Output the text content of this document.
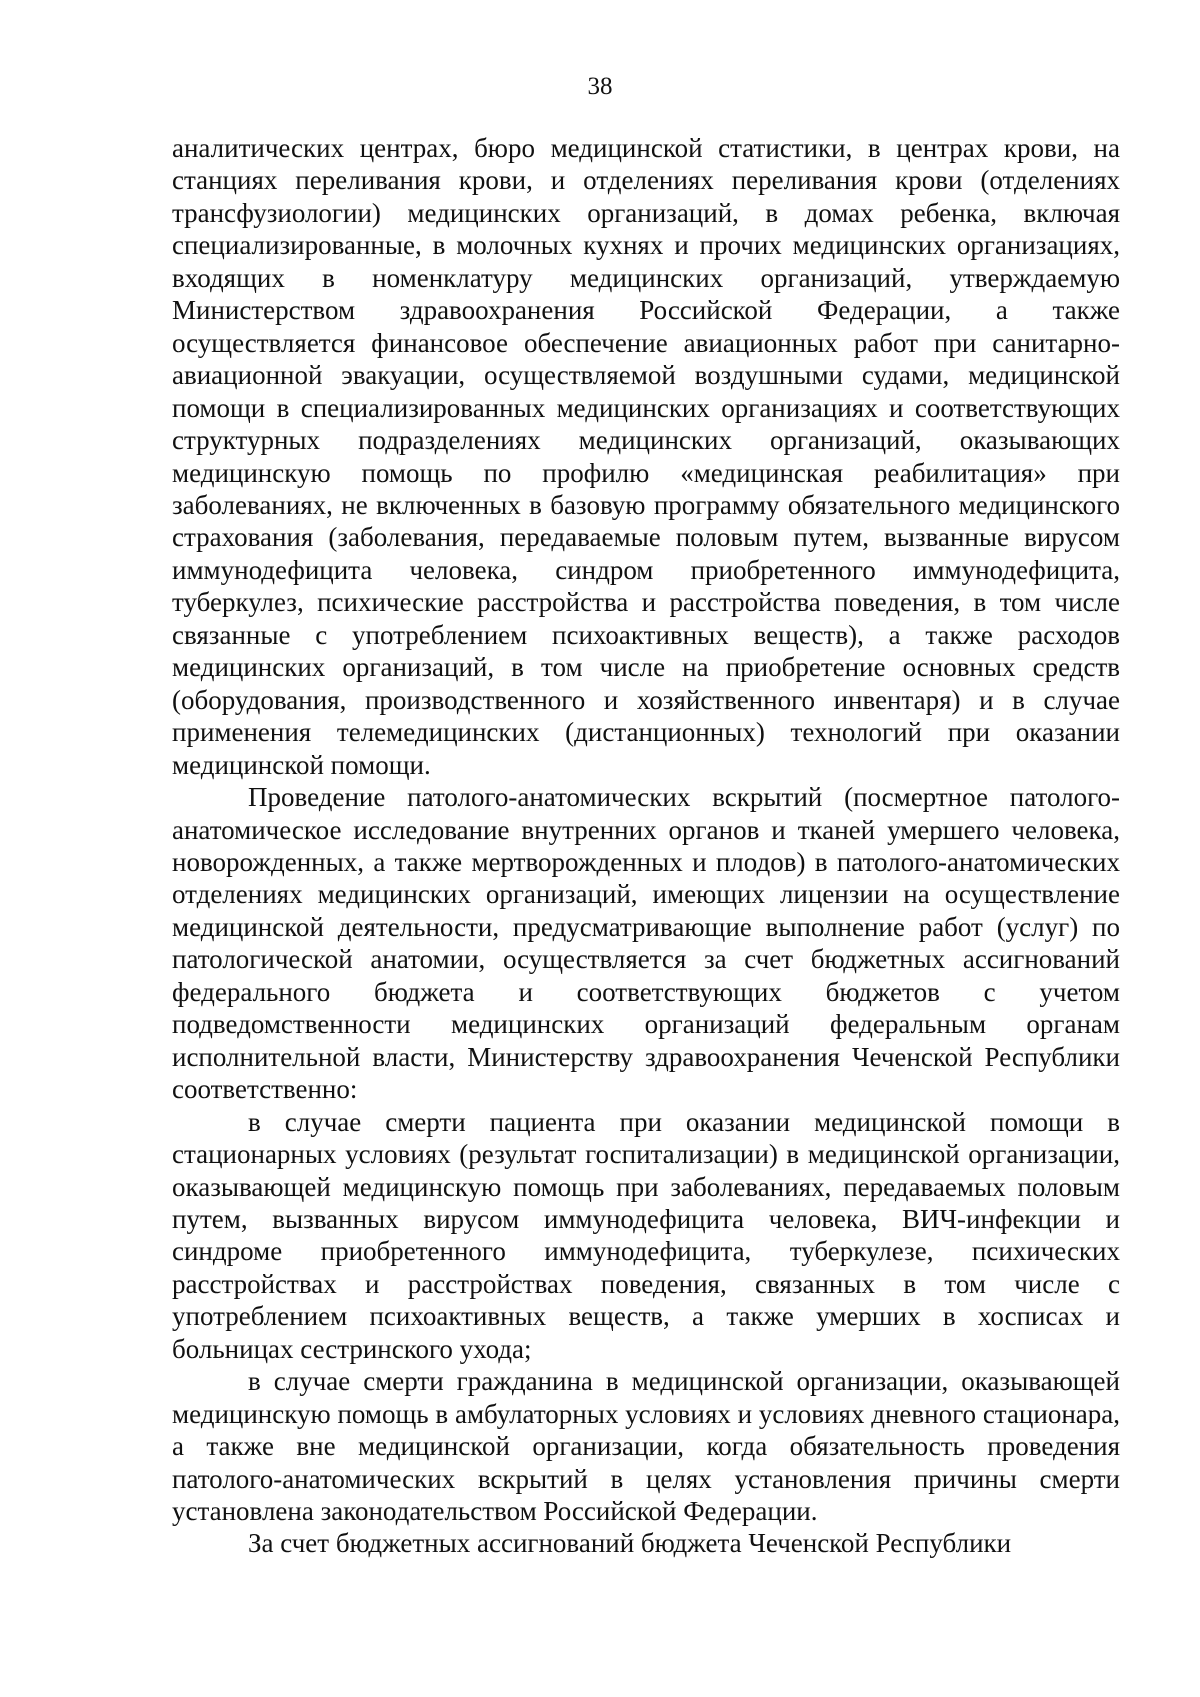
38

аналитических центрах, бюро медицинской статистики, в центрах крови, на станциях переливания крови, и отделениях переливания крови (отделениях трансфузиологии) медицинских организаций, в домах ребенка, включая специализированные, в молочных кухнях и прочих медицинских организациях, входящих в номенклатуру медицинских организаций, утверждаемую Министерством здравоохранения Российской Федерации, а также осуществляется финансовое обеспечение авиационных работ при санитарно-авиационной эвакуации, осуществляемой воздушными судами, медицинской помощи в специализированных медицинских организациях и соответствующих структурных подразделениях медицинских организаций, оказывающих медицинскую помощь по профилю «медицинская реабилитация» при заболеваниях, не включенных в базовую программу обязательного медицинского страхования (заболевания, передаваемые половым путем, вызванные вирусом иммунодефицита человека, синдром приобретенного иммунодефицита, туберкулез, психические расстройства и расстройства поведения, в том числе связанные с употреблением психоактивных веществ), а также расходов медицинских организаций, в том числе на приобретение основных средств (оборудования, производственного и хозяйственного инвентаря) и в случае применения телемедицинских (дистанционных) технологий при оказании медицинской помощи.

Проведение патолого-анатомических вскрытий (посмертное патолого-анатомическое исследование внутренних органов и тканей умершего человека, новорожденных, а также мертворожденных и плодов) в патолого-анатомических отделениях медицинских организаций, имеющих лицензии на осуществление медицинской деятельности, предусматривающие выполнение работ (услуг) по патологической анатомии, осуществляется за счет бюджетных ассигнований федерального бюджета и соответствующих бюджетов с учетом подведомственности медицинских организаций федеральным органам исполнительной власти, Министерству здравоохранения Чеченской Республики соответственно:

в случае смерти пациента при оказании медицинской помощи в стационарных условиях (результат госпитализации) в медицинской организации, оказывающей медицинскую помощь при заболеваниях, передаваемых половым путем, вызванных вирусом иммунодефицита человека, ВИЧ-инфекции и синдроме приобретенного иммунодефицита, туберкулезе, психических расстройствах и расстройствах поведения, связанных в том числе с употреблением психоактивных веществ, а также умерших в хосписах и больницах сестринского ухода;

в случае смерти гражданина в медицинской организации, оказывающей медицинскую помощь в амбулаторных условиях и условиях дневного стационара, а также вне медицинской организации, когда обязательность проведения патолого-анатомических вскрытий в целях установления причины смерти установлена законодательством Российской Федерации.

За счет бюджетных ассигнований бюджета Чеченской Республики
